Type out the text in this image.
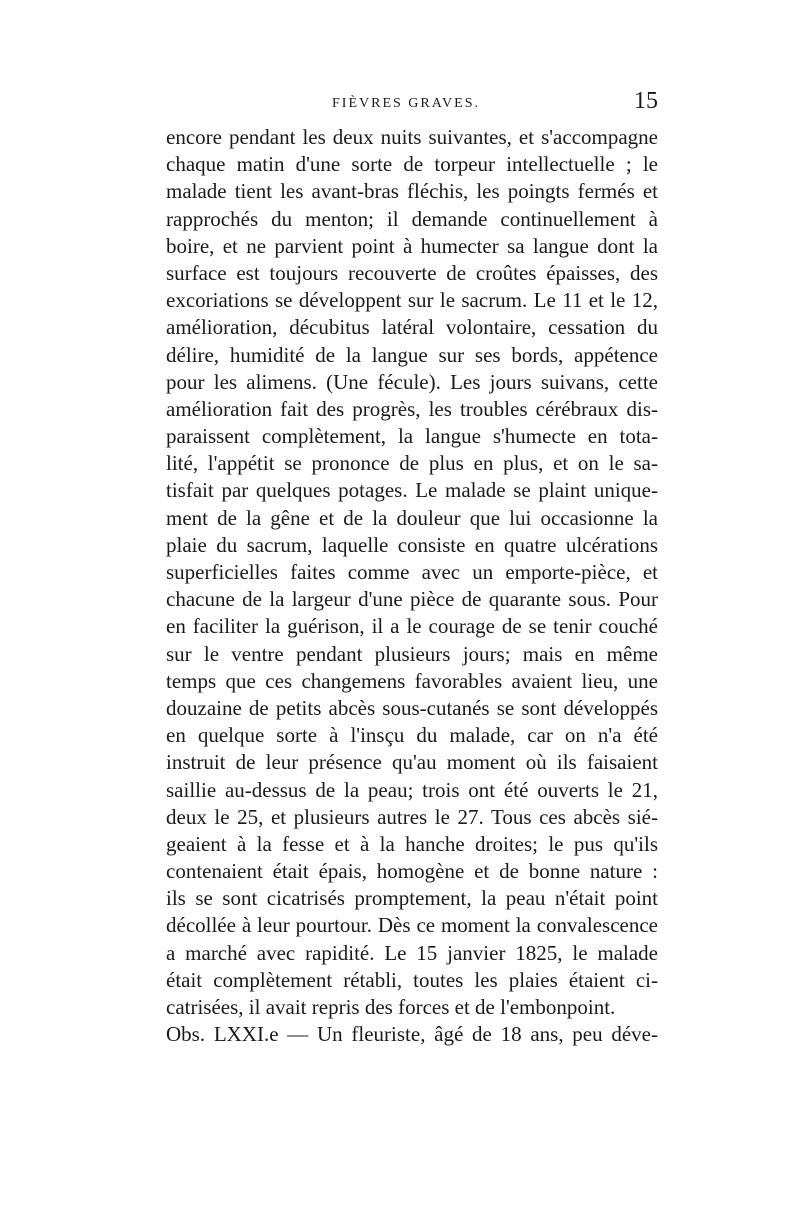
FIÈVRES GRAVES.	15
encore pendant les deux nuits suivantes, et s'accompagne
chaque matin d'une sorte de torpeur intellectuelle ; le
malade tient les avant-bras fléchis, les poingts fermés et
rapprochés du menton; il demande continuellement à
boire, et ne parvient point à humecter sa langue dont la
surface est toujours recouverte de croûtes épaisses, des
excoriations se développent sur le sacrum. Le 11 et le 12,
amélioration, décubitus latéral volontaire, cessation du
délire, humidité de la langue sur ses bords, appétence
pour les alimens. (Une fécule). Les jours suivans, cette
amélioration fait des progrès, les troubles cérébraux dis-
paraissent complètement, la langue s'humecte en tota-
lité, l'appétit se prononce de plus en plus, et on le sa-
tisfait par quelques potages. Le malade se plaint unique-
ment de la gêne et de la douleur que lui occasionne la
plaie du sacrum, laquelle consiste en quatre ulcérations
superficielles faites comme avec un emporte-pièce, et
chacune de la largeur d'une pièce de quarante sous. Pour
en faciliter la guérison, il a le courage de se tenir couché
sur le ventre pendant plusieurs jours; mais en même
temps que ces changemens favorables avaient lieu, une
douzaine de petits abcès sous-cutanés se sont développés
en quelque sorte à l'insçu du malade, car on n'a été
instruit de leur présence qu'au moment où ils faisaient
saillie au-dessus de la peau; trois ont été ouverts le 21,
deux le 25, et plusieurs autres le 27. Tous ces abcès sié-
geaient à la fesse et à la hanche droites; le pus qu'ils
contenaient était épais, homogène et de bonne nature :
ils se sont cicatrisés promptement, la peau n'était point
décollée à leur pourtour. Dès ce moment la convalescence
a marché avec rapidité. Le 15 janvier 1825, le malade
était complètement rétabli, toutes les plaies étaient ci-
catrisées, il avait repris des forces et de l'embonpoint.
Obs. LXXI.e — Un fleuriste, âgé de 18 ans, peu déve-
